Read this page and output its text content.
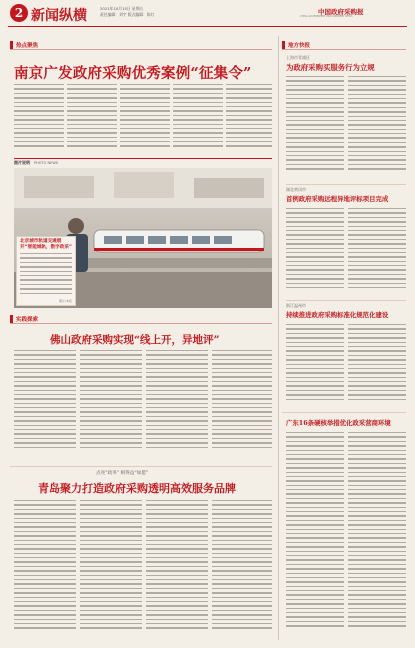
2 新闻纵横	2021年10月15日 星期五
责任编辑：刘宇 版式编辑：陈红	中国政府采购报
CHINA GOVERNMENT PROCUREMENT NEWS
热点聚焦
南京广发政府采购优秀案例“征集令”
图片说明 PHOTO NEWS
北京城市轨道交通展开“智能城轨，数字政采”
图片/本报
地方快报
上海市青浦区
为政府采购买服务行为立规
湖北黄冈市
首例政府采购远程异地评标项目完成
浙江温州市
持续推进政府采购标准化规范化建设
广东16条硬核举措优化政采营商环境
实践探索
佛山政府采购实现“线上开，异地评”
点亮“政务” 相得益“如愿”
青岛聚力打造政府采购透明高效服务品牌
